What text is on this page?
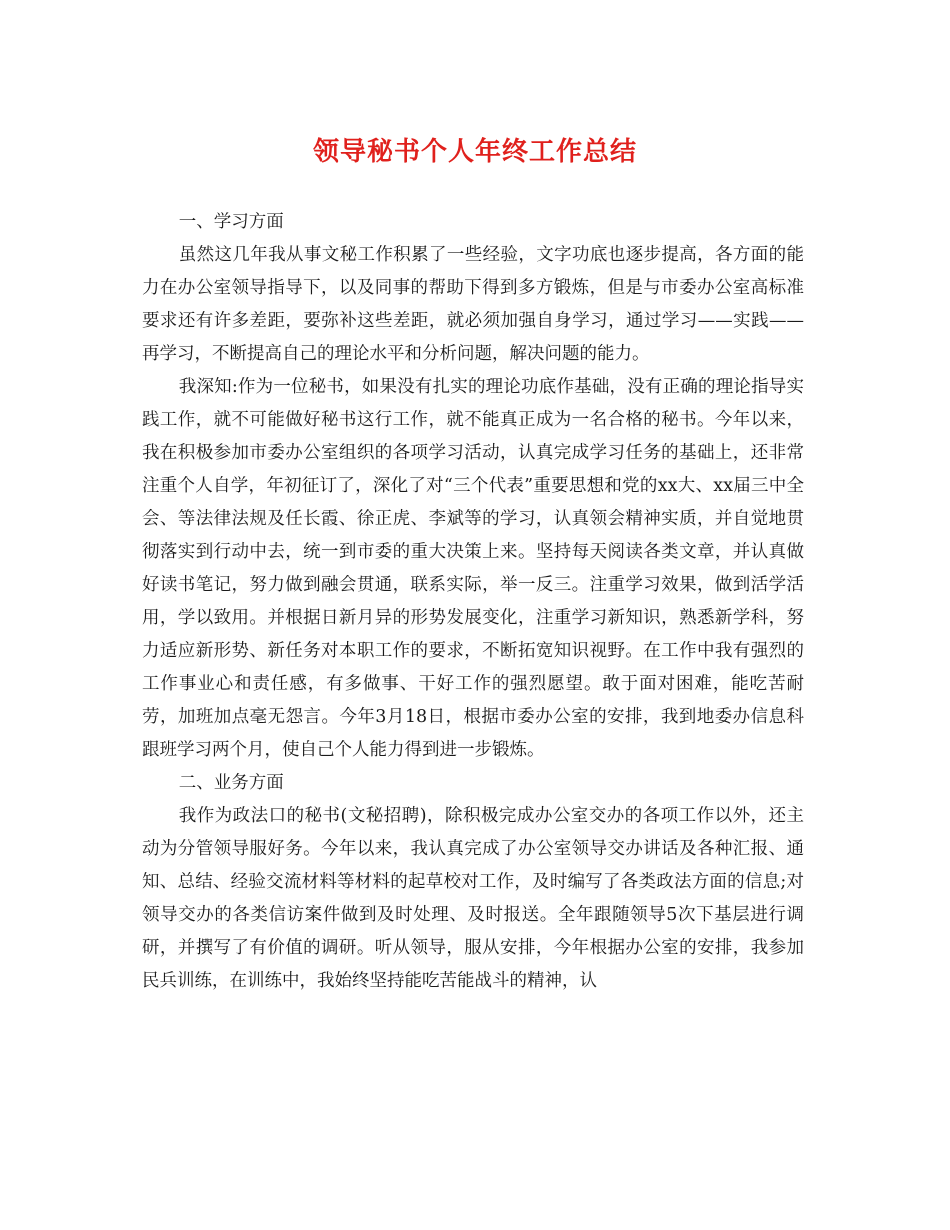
领导秘书个人年终工作总结

一、学习方面

虽然这几年我从事文秘工作积累了一些经验，文字功底也逐步提高，各方面的能力在办公室领导指导下，以及同事的帮助下得到多方锻炼，但是与市委办公室高标准要求还有许多差距，要弥补这些差距，就必须加强自身学习，通过学习——实践——再学习，不断提高自己的理论水平和分析问题，解决问题的能力。

我深知:作为一位秘书，如果没有扎实的理论功底作基础，没有正确的理论指导实践工作，就不可能做好秘书这行工作，就不能真正成为一名合格的秘书。今年以来，我在积极参加市委办公室组织的各项学习活动，认真完成学习任务的基础上，还非常注重个人自学，年初征订了，深化了对“三个代表”重要思想和党的xx大、xx届三中全会、等法律法规及任长霞、徐正虎、李斌等的学习，认真领会精神实质，并自觉地贯彻落实到行动中去，统一到市委的重大决策上来。坚持每天阅读各类文章，并认真做好读书笔记，努力做到融会贯通，联系实际，举一反三。注重学习效果，做到活学活用，学以致用。并根据日新月异的形势发展变化，注重学习新知识，熟悉新学科，努力适应新形势、新任务对本职工作的要求，不断拓宽知识视野。在工作中我有强烈的工作事业心和责任感，有多做事、干好工作的强烈愿望。敢于面对困难，能吃苦耐劳，加班加点毫无怨言。今年3月18日，根据市委办公室的安排，我到地委办信息科跟班学习两个月，使自己个人能力得到进一步锻炼。

二、业务方面

我作为政法口的秘书(文秘招聘)，除积极完成办公室交办的各项工作以外，还主动为分管领导服好务。今年以来，我认真完成了办公室领导交办讲话及各种汇报、通知、总结、经验交流材料等材料的起草校对工作，及时编写了各类政法方面的信息;对领导交办的各类信访案件做到及时处理、及时报送。全年跟随领导5次下基层进行调研，并撰写了有价值的调研。听从领导，服从安排，今年根据办公室的安排，我参加民兵训练，在训练中，我始终坚持能吃苦能战斗的精神，认
